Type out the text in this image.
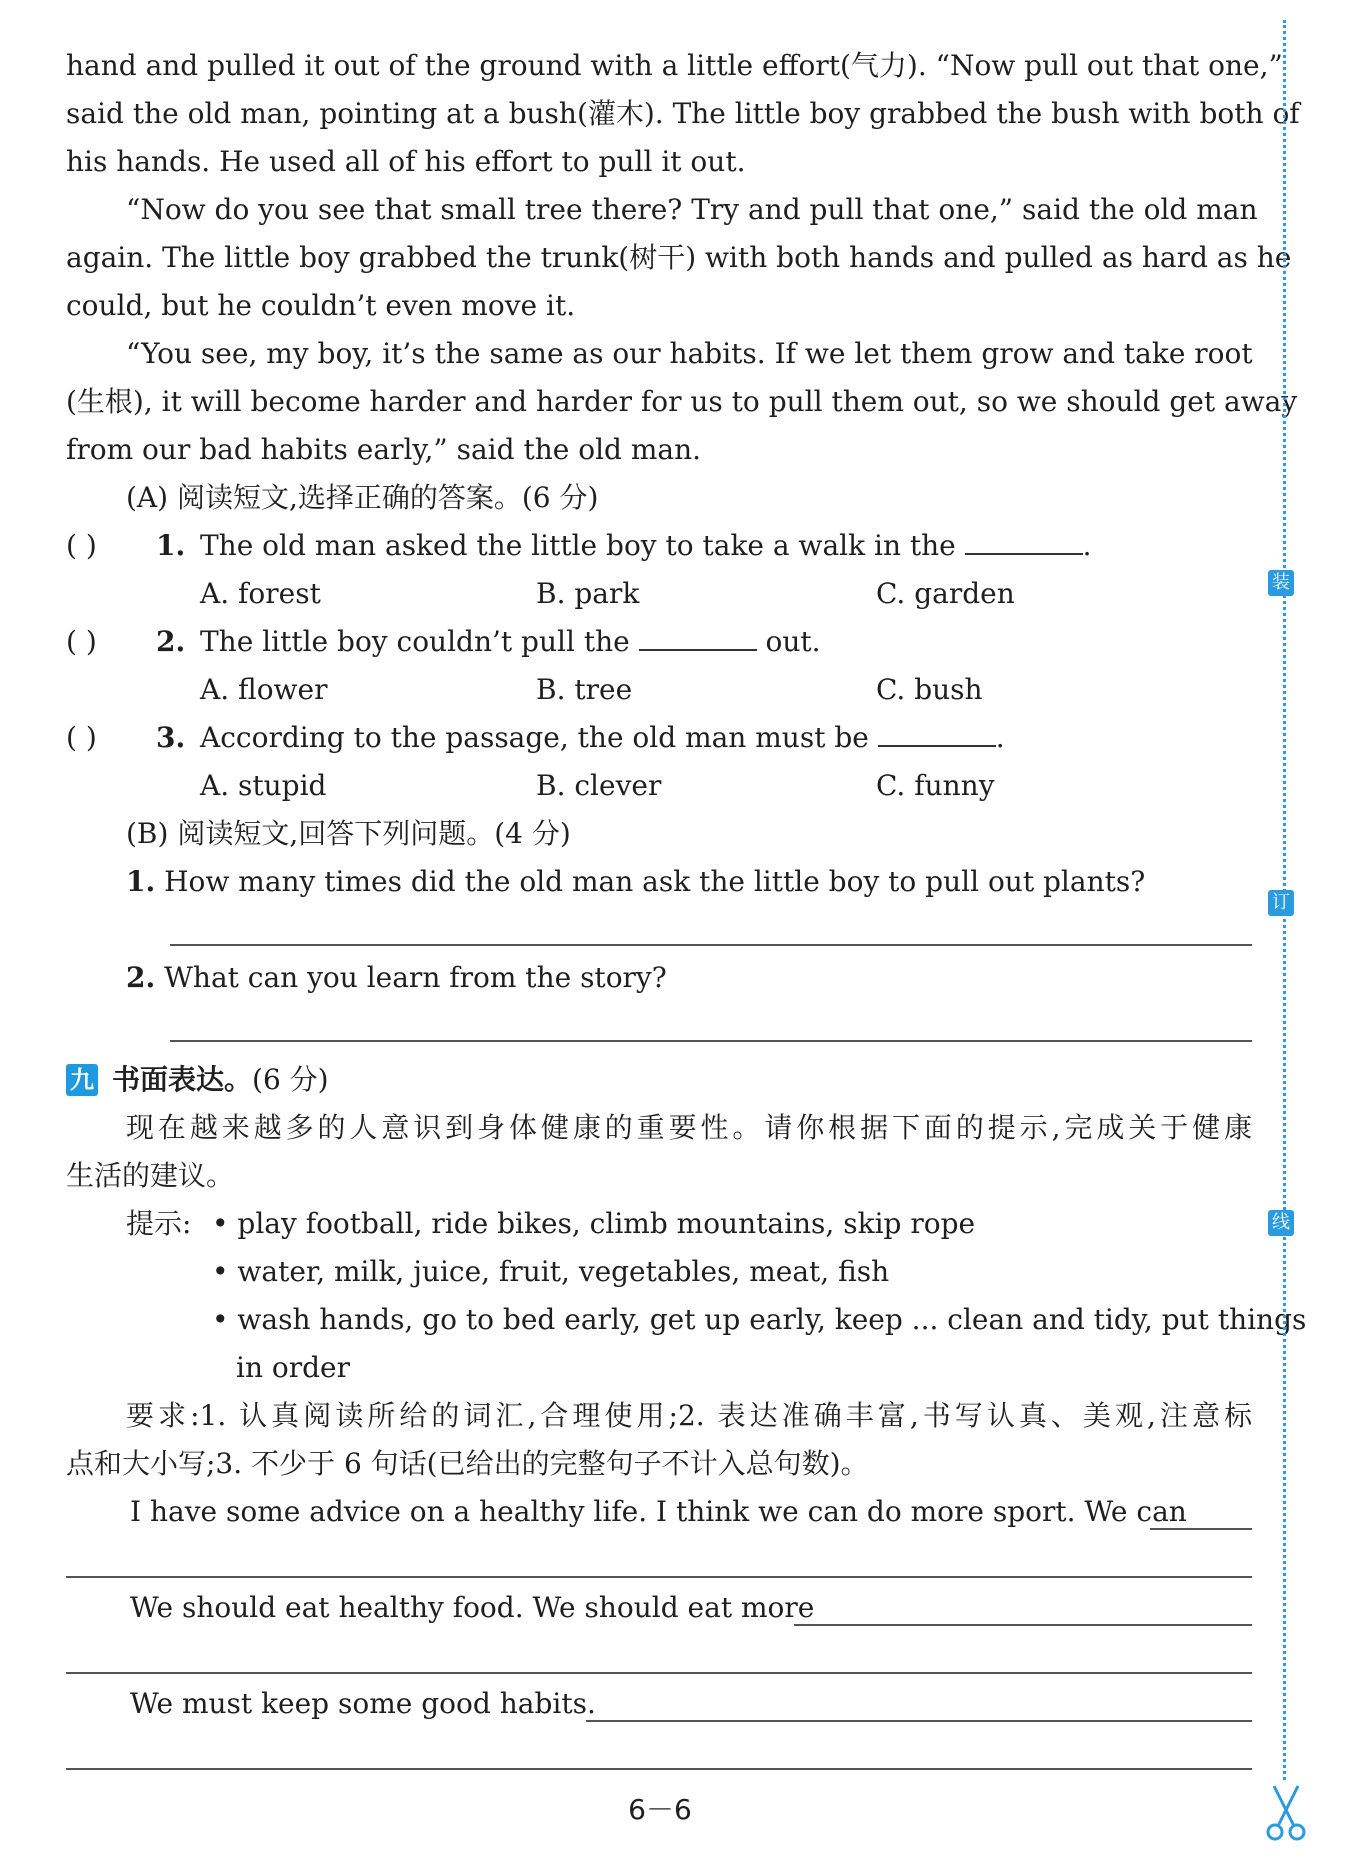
hand and pulled it out of the ground with a little effort(气力). “Now pull out that one,”
said the old man, pointing at a bush(灌木). The little boy grabbed the bush with both of
his hands. He used all of his effort to pull it out.
“Now do you see that small tree there? Try and pull that one,” said the old man
again. The little boy grabbed the trunk(树干) with both hands and pulled as hard as he
could, but he couldn’t even move it.
“You see, my boy, it’s the same as our habits. If we let them grow and take root
(生根), it will become harder and harder for us to pull them out, so we should get away
from our bad habits early,” said the old man.
(A) 阅读短文,选择正确的答案。(6 分)
( ) 1. The old man asked the little boy to take a walk in the	.
A. forest	B. park	C. garden
( ) 2. The little boy couldn’t pull the	out.
A. flower	B. tree	C. bush
( ) 3. According to the passage, the old man must be	.
A. stupid	B. clever	C. funny
(B) 阅读短文,回答下列问题。(4 分)
1. How many times did the old man ask the little boy to pull out plants?
2. What can you learn from the story?
九 书面表达。(6 分)
现在越来越多的人意识到身体健康的重要性。请你根据下面的提示,完成关于健康
生活的建议。
提示: • play football, ride bikes, climb mountains, skip rope
• water, milk, juice, fruit, vegetables, meat, fish
• wash hands, go to bed early, get up early, keep ... clean and tidy, put things
in order
要求:1. 认真阅读所给的词汇,合理使用;2. 表达准确丰富,书写认真、美观,注意标
点和大小写;3. 不少于 6 句话(已给出的完整句子不计入总句数)。
I have some advice on a healthy life. I think we can do more sport. We can
We should eat healthy food. We should eat more
We must keep some good habits.
6－6
装
订
线
